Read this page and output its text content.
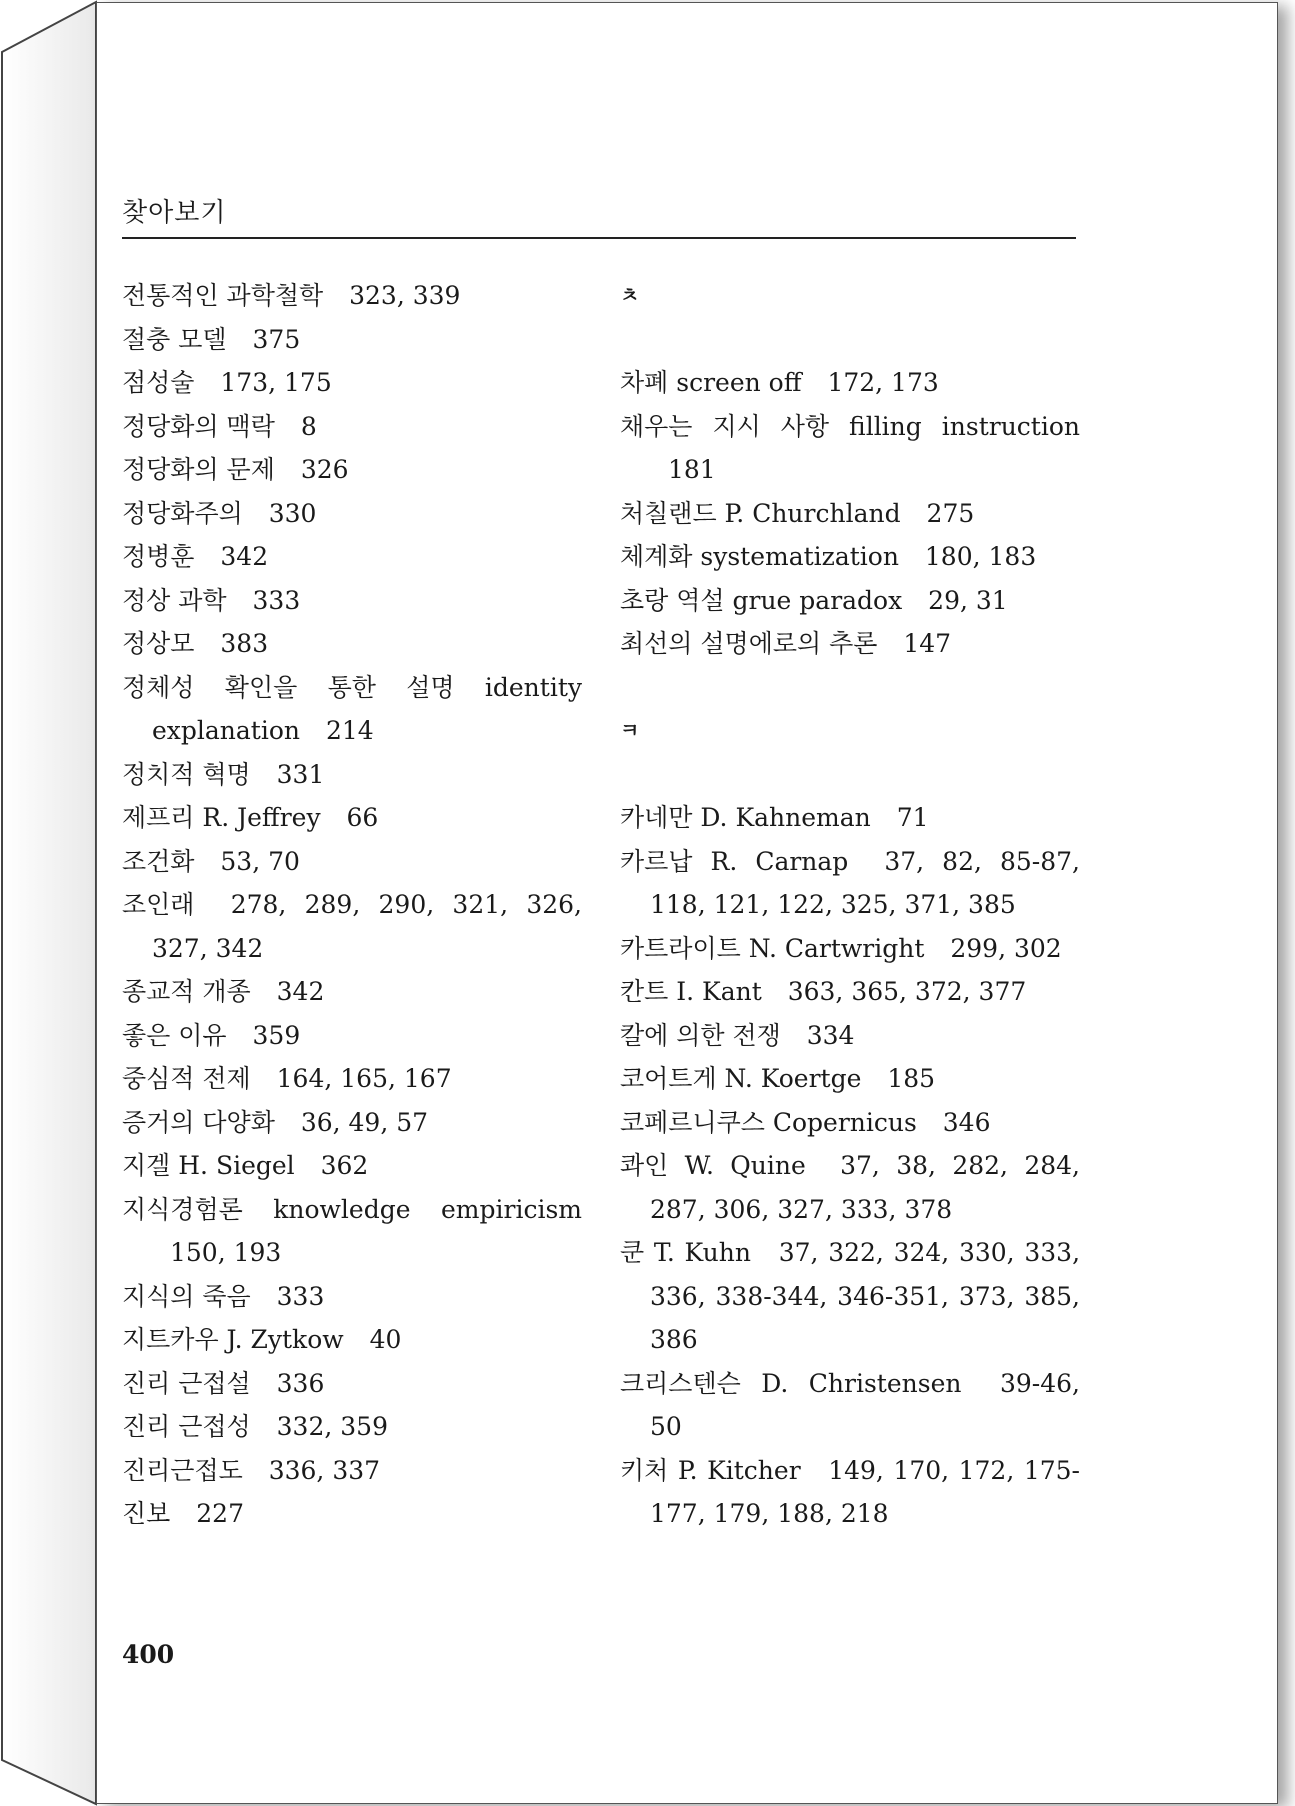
찾아보기
전통적인 과학철학 323, 339
절충 모델 375
점성술 173, 175
정당화의 맥락 8
정당화의 문제 326
정당화주의 330
정병훈 342
정상 과학 333
정상모 383
정체성 확인을 통한 설명 identity explanation 214
정치적 혁명 331
제프리 R. Jeffrey 66
조건화 53, 70
조인래 278, 289, 290, 321, 326, 327, 342
종교적 개종 342
좋은 이유 359
중심적 전제 164, 165, 167
증거의 다양화 36, 49, 57
지겔 H. Siegel 362
지식경험론 knowledge empiricism 150, 193
지식의 죽음 333
지트카우 J. Zytkow 40
진리 근접설 336
진리 근접성 332, 359
진리근접도 336, 337
진보 227
ㅊ
차폐 screen off 172, 173
채우는 지시 사항 filling instruction 181
처칠랜드 P. Churchland 275
체계화 systematization 180, 183
초랑 역설 grue paradox 29, 31
최선의 설명에로의 추론 147
ㅋ
카네만 D. Kahneman 71
카르납 R. Carnap 37, 82, 85-87, 118, 121, 122, 325, 371, 385
카트라이트 N. Cartwright 299, 302
칸트 I. Kant 363, 365, 372, 377
칼에 의한 전쟁 334
코어트게 N. Koertge 185
코페르니쿠스 Copernicus 346
콰인 W. Quine 37, 38, 282, 284, 287, 306, 327, 333, 378
쿤 T. Kuhn 37, 322, 324, 330, 333, 336, 338-344, 346-351, 373, 385, 386
크리스텐슨 D. Christensen 39-46, 50
키처 P. Kitcher 149, 170, 172, 175-177, 179, 188, 218
400
